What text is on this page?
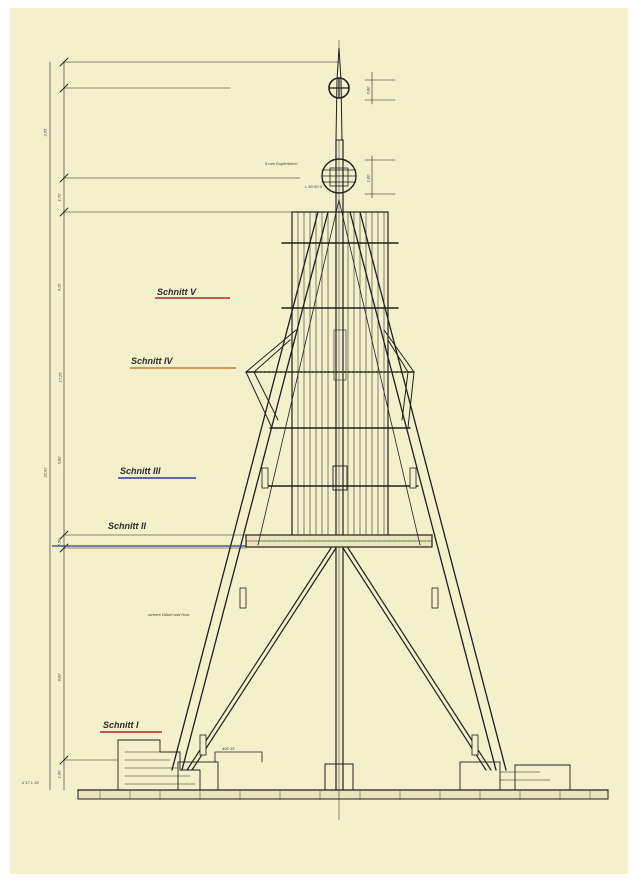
Schnitt V
Schnitt IV
Schnitt III
Schnitt II
Schnitt I
9 mm Kupferblech
L 50·50·5
sichere Dübel und Holz
400·15
Z 17 L 52
2,65
1,70
22,62
6,00
1,00
4,15
17,25
6,80
0,50
0,80
1,00
